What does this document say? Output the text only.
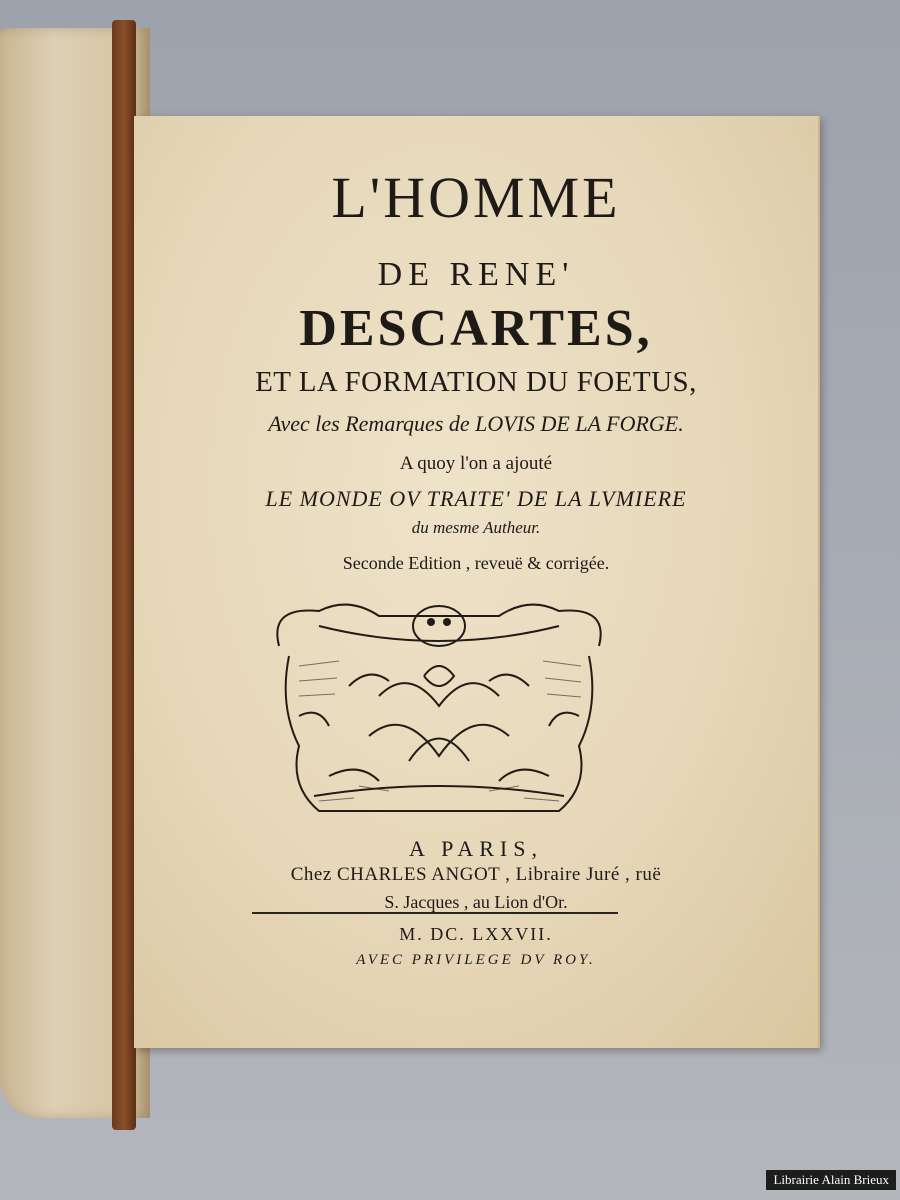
L'HOMME
DE RENE'
DESCARTES,
ET LA FORMATION DU FOETUS,
Avec les Remarques de LOVIS DE LA FORGE.
A quoy l'on a ajouté
LE MONDE OV TRAITE' DE LA LVMIERE
du mesme Autheur.
Seconde Edition , reveuë & corrigée.
A PARIS,
Chez CHARLES ANGOT , Libraire Juré , ruë
S. Jacques , au Lion d'Or.
M. DC. LXXVII.
AVEC PRIVILEGE DV ROY.
Librairie Alain Brieux
